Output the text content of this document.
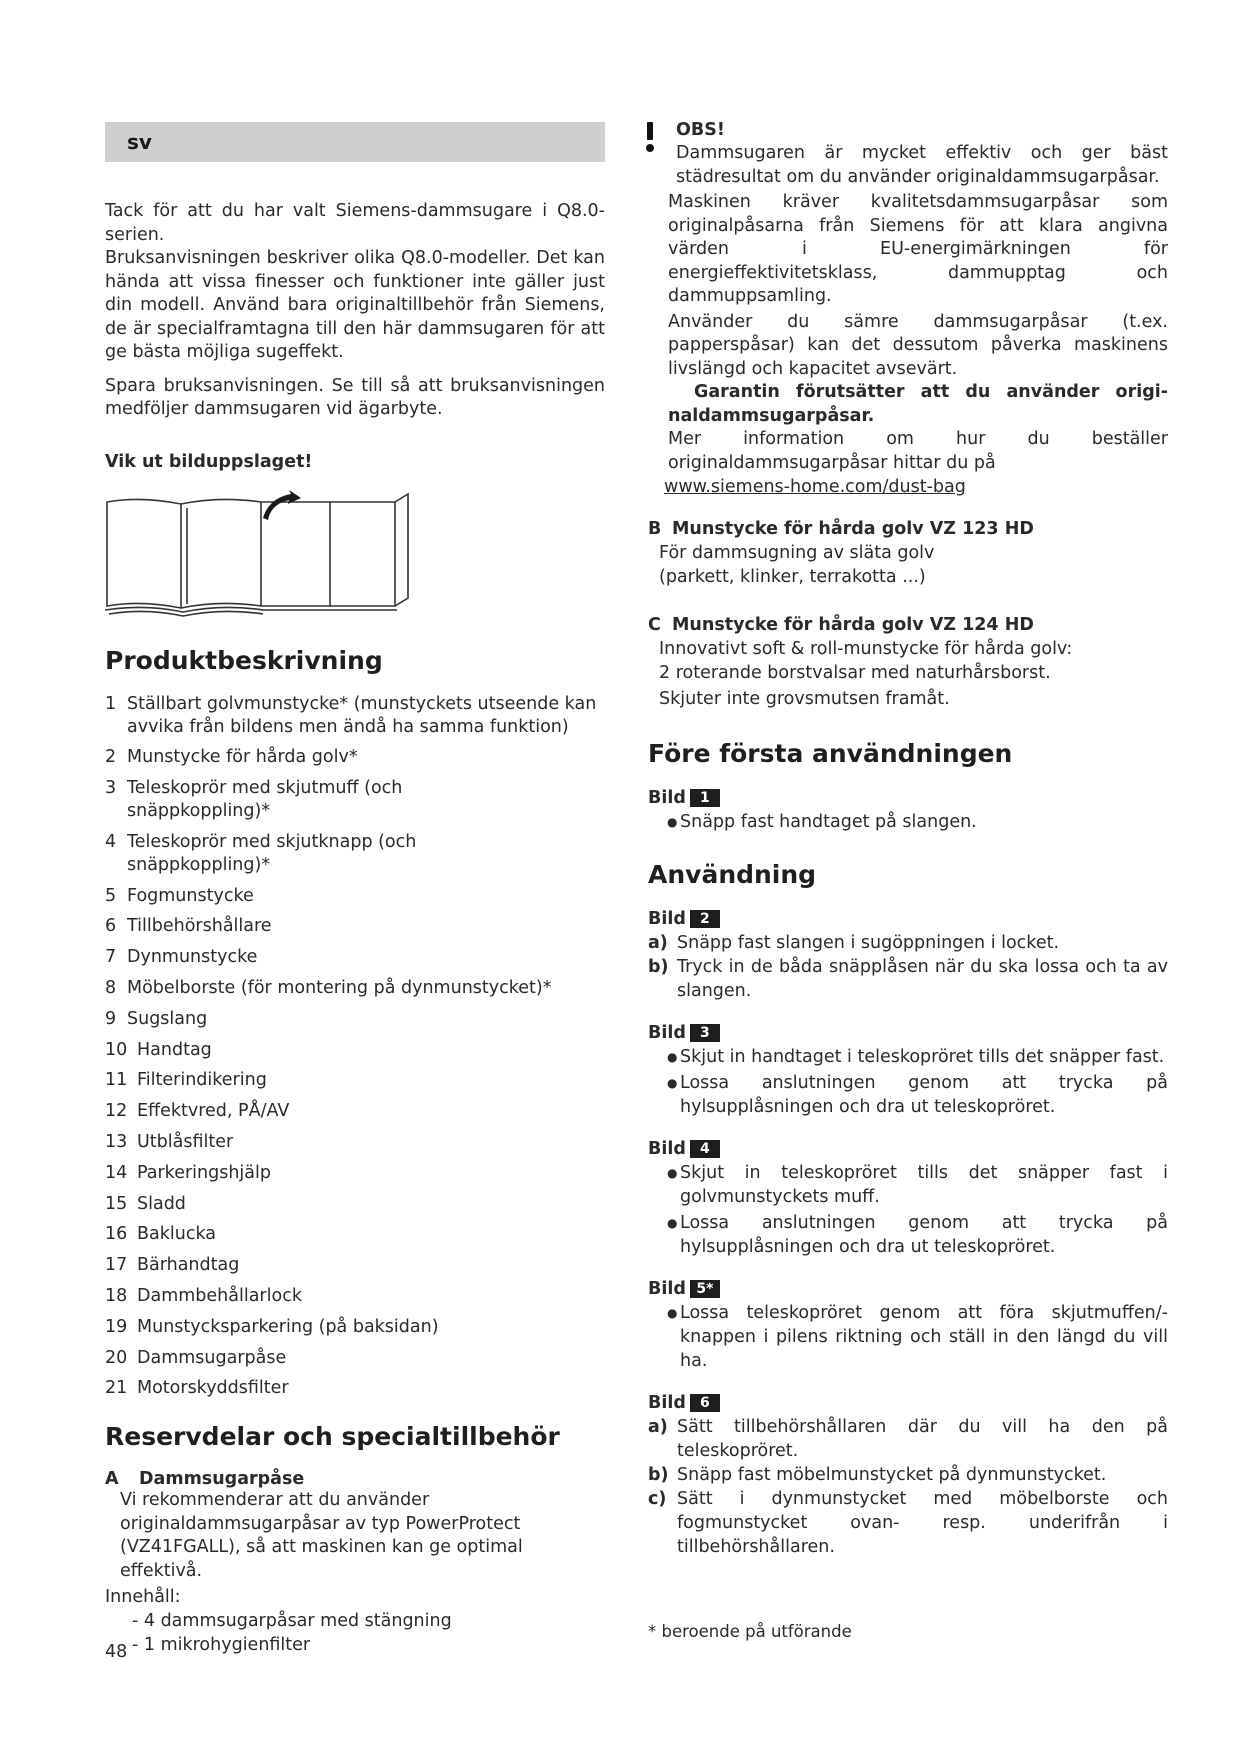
sv

Tack för att du har valt Siemens-dammsugare i Q8.0-serien.

Bruksanvisningen beskriver olika Q8.0-modeller. Det kan hända att vissa finesser och funktioner inte gäller just din modell. Använd bara originaltillbehör från Siemens, de är specialframtagna till den här dammsugaren för att ge bästa möjliga sugeffekt.

Spara bruksanvisningen. Se till så att bruksanvisningen medföljer dammsugaren vid ägarbyte.

Vik ut bilduppslaget!

Produktbeskrivning
1 Ställbart golvmunstycke* (munstyckets utseende kan avvika från bildens men ändå ha samma funktion)
2 Munstycke för hårda golv*
3 Teleskoprör med skjutmuff (och snäppkoppling)*
4 Teleskoprör med skjutknapp (och snäppkoppling)*
5 Fogmunstycke
6 Tillbehörshållare
7 Dynmunstycke
8 Möbelborste (för montering på dynmunstycket)*
9 Sugslang
10 Handtag
11 Filterindikering
12 Effektvred, PÅ/AV
13 Utblåsfilter
14 Parkeringshjälp
15 Sladd
16 Baklucka
17 Bärhandtag
18 Dammbehållarlock
19 Munstycksparkering (på baksidan)
20 Dammsugarpåse
21 Motorskyddsfilter
Reservdelar och specialtillbehör

A Dammsugarpåse

Vi rekommenderar att du använder originaldammsugarpåsar av typ PowerProtect (VZ41FGALL), så att maskinen kan ge optimal effektivå.

Innehåll:

- 4 dammsugarpåsar med stängning

- 1 mikrohygienfilter

48

OBS!

Dammsugaren är mycket effektiv och ger bäst städresultat om du använder originaldammsugarpåsar.

Maskinen kräver kvalitetsdammsugarpåsar som originalpåsarna från Siemens för att klara angivna värden i EU-energimärkningen för energieffektivitetsklass, dammupptag och dammuppsamling.

Använder du sämre dammsugarpåsar (t.ex. papperspåsar) kan det dessutom påverka maskinens livslängd och kapacitet avsevärt.

Garantin förutsätter att du använder origi-
naldammsugarpåsar.

Mer information om hur du beställer originaldammsugarpåsar hittar du på

www.siemens-home.com/dust-bag

B Munstycke för hårda golv VZ 123 HD

För dammsugning av släta golv

(parkett, klinker, terrakotta ...)

C Munstycke för hårda golv VZ 124 HD

Innovativt soft & roll-munstycke för hårda golv:

2 roterande borstvalsar med naturhårsborst.

Skjuter inte grovsmutsen framåt.

Före första användningen

Bild 1

● Snäpp fast handtaget på slangen.
Användning

Bild 2

a) Snäpp fast slangen i sugöppningen i locket.
b) Tryck in de båda snäpplåsen när du ska lossa och ta av slangen.

Bild 3

● Skjut in handtaget i teleskopröret tills det snäpper fast.
● Lossa anslutningen genom att trycka på hylsupplåsningen och dra ut teleskopröret.

Bild 4

● Skjut in teleskopröret tills det snäpper fast i golvmunstyckets muff.
● Lossa anslutningen genom att trycka på hylsupplåsningen och dra ut teleskopröret.

Bild 5*

● Lossa teleskopröret genom att föra skjutmuffen/-knappen i pilens riktning och ställ in den längd du vill ha.

Bild 6

a) Sätt tillbehörshållaren där du vill ha den på teleskopröret.
b) Snäpp fast möbelmunstycket på dynmunstycket.
c) Sätt i dynmunstycket med möbelborste och fogmunstycket ovan- resp. underifrån i tillbehörshållaren.
* beroende på utförande
